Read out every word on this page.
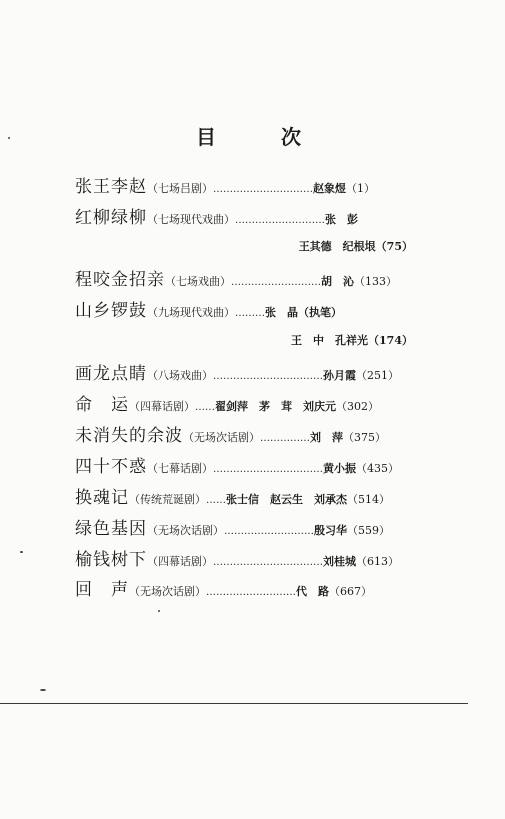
目	次
张王李赵（七场吕剧）…………………………赵象煜（1）
红柳绿柳（七场现代戏曲）………………………张　彭
王其德　纪根垠（75）
程咬金招亲（七场戏曲）………………………胡　沁（133）
山乡锣鼓（九场现代戏曲）………张　晶（执笔）
王　中　孔祥光（174）
画龙点睛（八场戏曲）……………………………孙月霞（251）
命　运（四幕话剧）……翟剑萍　茅　茸　刘庆元（302）
未消失的余波（无场次话剧）……………刘　萍（375）
四十不惑（七幕话剧）……………………………黄小振（435）
换魂记（传统荒诞剧）……张士信　赵云生　刘承杰（514）
绿色基因（无场次话剧）………………………殷习华（559）
榆钱树下（四幕话剧）……………………………刘桂城（613）
回　声（无场次话剧）………………………代　路（667）
